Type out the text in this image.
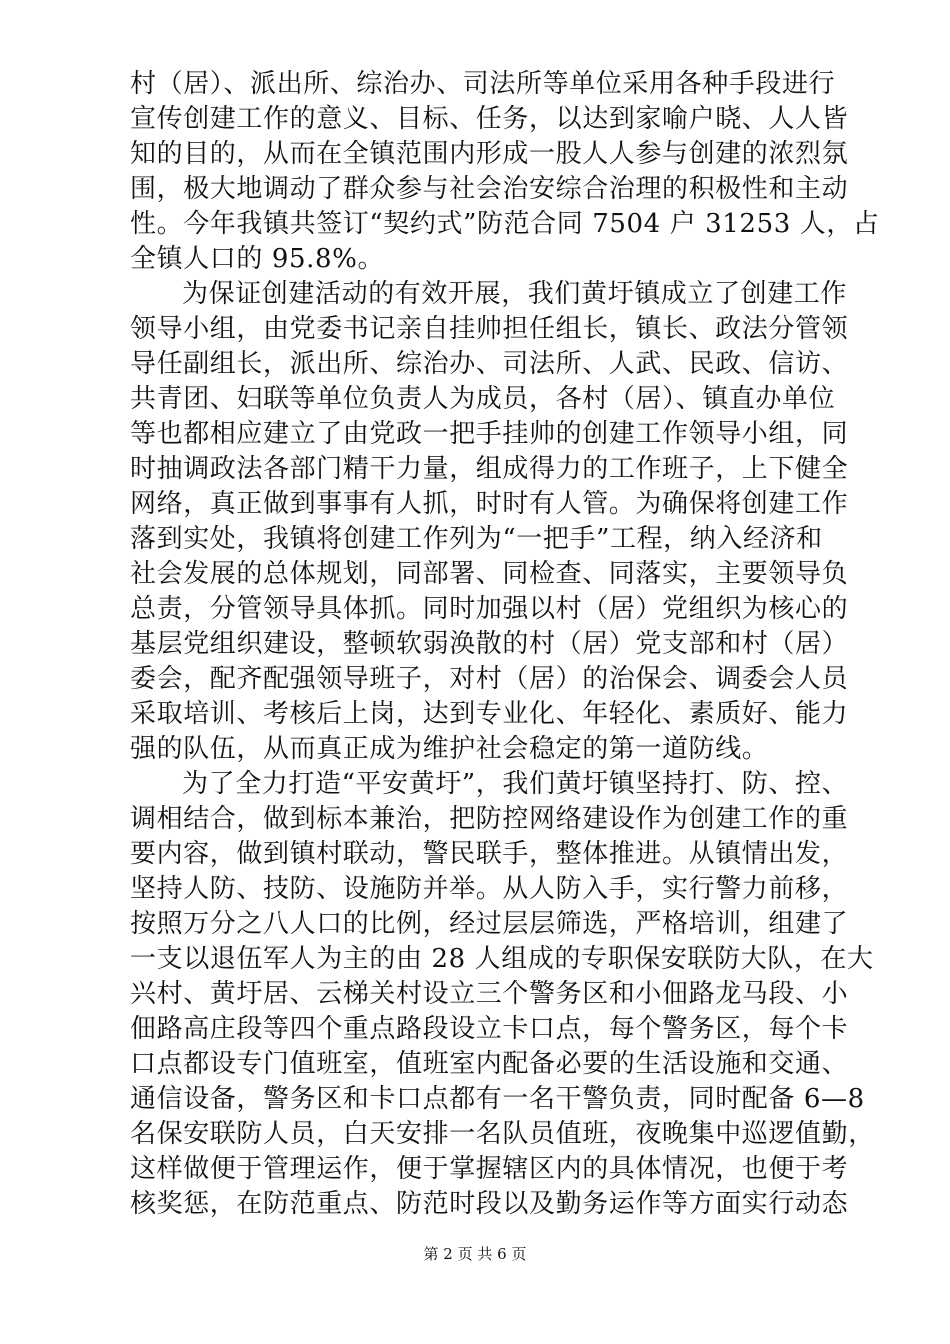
村（居）、派出所、综治办、司法所等单位采用各种手段进行
宣传创建工作的意义、目标、任务，以达到家喻户晓、人人皆
知的目的，从而在全镇范围内形成一股人人参与创建的浓烈氛
围，极大地调动了群众参与社会治安综合治理的积极性和主动
性。今年我镇共签订“契约式”防范合同 7504 户 31253 人，占
全镇人口的 95.8%。
为保证创建活动的有效开展，我们黄圩镇成立了创建工作
领导小组，由党委书记亲自挂帅担任组长，镇长、政法分管领
导任副组长，派出所、综治办、司法所、人武、民政、信访、
共青团、妇联等单位负责人为成员，各村（居）、镇直办单位
等也都相应建立了由党政一把手挂帅的创建工作领导小组，同
时抽调政法各部门精干力量，组成得力的工作班子，上下健全
网络，真正做到事事有人抓，时时有人管。为确保将创建工作
落到实处，我镇将创建工作列为“一把手”工程，纳入经济和
社会发展的总体规划，同部署、同检查、同落实，主要领导负
总责，分管领导具体抓。同时加强以村（居）党组织为核心的
基层党组织建设，整顿软弱涣散的村（居）党支部和村（居）
委会，配齐配强领导班子，对村（居）的治保会、调委会人员
采取培训、考核后上岗，达到专业化、年轻化、素质好、能力
强的队伍，从而真正成为维护社会稳定的第一道防线。
为了全力打造“平安黄圩”，我们黄圩镇坚持打、防、控、
调相结合，做到标本兼治，把防控网络建设作为创建工作的重
要内容，做到镇村联动，警民联手，整体推进。从镇情出发，
坚持人防、技防、设施防并举。从人防入手，实行警力前移，
按照万分之八人口的比例，经过层层筛选，严格培训，组建了
一支以退伍军人为主的由 28 人组成的专职保安联防大队，在大
兴村、黄圩居、云梯关村设立三个警务区和小佃路龙马段、小
佃路高庄段等四个重点路段设立卡口点，每个警务区，每个卡
口点都设专门值班室，值班室内配备必要的生活设施和交通、
通信设备，警务区和卡口点都有一名干警负责，同时配备 6—8
名保安联防人员，白天安排一名队员值班，夜晚集中巡逻值勤，
这样做便于管理运作，便于掌握辖区内的具体情况，也便于考
核奖惩，在防范重点、防范时段以及勤务运作等方面实行动态
第 2 页 共 6 页
